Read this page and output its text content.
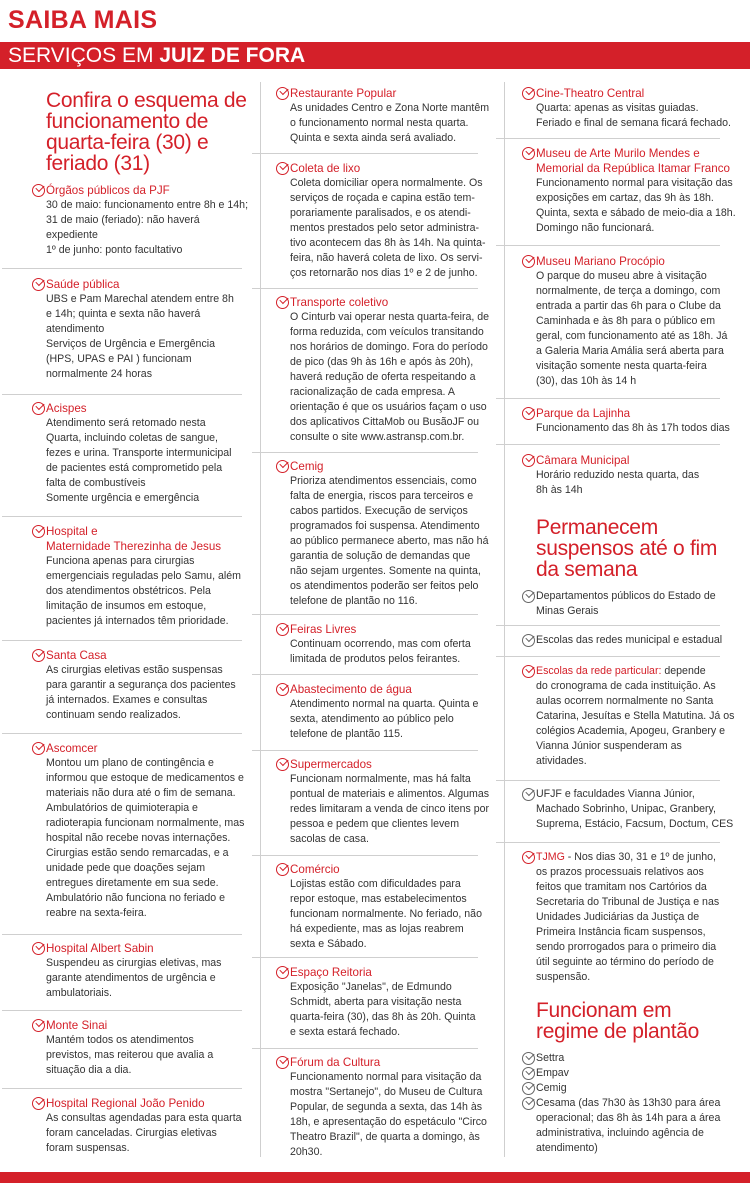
SAIBA MAIS
SERVIÇOS EM JUIZ DE FORA
Confira o esquema de funcionamento de quarta-feira (30) e feriado (31)
Órgãos públicos da PJF
30 de maio: funcionamento entre 8h e 14h;
31 de maio (feriado): não haverá
expediente
1º de junho: ponto facultativo
Saúde pública
UBS e Pam Marechal atendem entre 8h
e 14h; quinta e sexta não haverá
atendimento
Serviços de Urgência e Emergência
(HPS, UPAS e PAI ) funcionam
normalmente 24 horas
Acispes
Atendimento será retomado nesta
Quarta, incluindo coletas de sangue,
fezes e urina. Transporte intermunicipal
de pacientes está comprometido pela
falta de combustíveis
Somente urgência e emergência
Hospital e
Maternidade Therezinha de Jesus
Funciona apenas para cirurgias
emergenciais reguladas pelo Samu, além
dos atendimentos obstétricos. Pela
limitação de insumos em estoque,
pacientes já internados têm prioridade.
Santa Casa
As cirurgias eletivas estão suspensas
para garantir a segurança dos pacientes
já internados. Exames e consultas
continuam sendo realizados.
Ascomcer
Montou um plano de contingência e
informou que estoque de medicamentos e
materiais não dura até o fim de semana.
Ambulatórios de quimioterapia e
radioterapia funcionam normalmente, mas
hospital não recebe novas internações.
Cirurgias estão sendo remarcadas, e a
unidade pede que doações sejam
entregues diretamente em sua sede.
Ambulatório não funciona no feriado e
reabre na sexta-feira.
Hospital Albert Sabin
Suspendeu as cirurgias eletivas, mas
garante atendimentos de urgência e
ambulatoriais.
Monte Sinai
Mantém todos os atendimentos
previstos, mas reiterou que avalia a
situação dia a dia.
Hospital Regional João Penido
As consultas agendadas para esta quarta
foram canceladas. Cirurgias eletivas
foram suspensas.
Restaurante Popular
As unidades Centro e Zona Norte mantêm
o funcionamento normal nesta quarta.
Quinta e sexta ainda será avaliado.
Coleta de lixo
Coleta domiciliar opera normalmente. Os
serviços de roçada e capina estão tem-
porariamente paralisados, e os atendi-
mentos prestados pelo setor administra-
tivo acontecem das 8h às 14h. Na quinta-
feira, não haverá coleta de lixo. Os servi-
ços retornarão nos dias 1º e 2 de junho.
Transporte coletivo
O Cinturb vai operar nesta quarta-feira, de
forma reduzida, com veículos transitando
nos horários de domingo. Fora do período
de pico (das 9h às 16h e após às 20h),
haverá redução de oferta respeitando a
racionalização de cada empresa. A
orientação é que os usuários façam o uso
dos aplicativos CittaMob ou BusãoJF ou
consulte o site www.astransp.com.br.
Cemig
Prioriza atendimentos essenciais, como
falta de energia, riscos para terceiros e
cabos partidos. Execução de serviços
programados foi suspensa. Atendimento
ao público permanece aberto, mas não há
garantia de solução de demandas que
não sejam urgentes. Somente na quinta,
os atendimentos poderão ser feitos pelo
telefone de plantão no 116.
Feiras Livres
Continuam ocorrendo, mas com oferta
limitada de produtos pelos feirantes.
Abastecimento de água
Atendimento normal na quarta. Quinta e
sexta, atendimento ao público pelo
telefone de plantão 115.
Supermercados
Funcionam normalmente, mas há falta
pontual de materiais e alimentos. Algumas
redes limitaram a venda de cinco itens por
pessoa e pedem que clientes levem
sacolas de casa.
Comércio
Lojistas estão com dificuldades para
repor estoque, mas estabelecimentos
funcionam normalmente. No feriado, não
há expediente, mas as lojas reabrem
sexta e Sábado.
Espaço Reitoria
Exposição "Janelas", de Edmundo
Schmidt, aberta para visitação nesta
quarta-feira (30), das 8h às 20h. Quinta
e sexta estará fechado.
Fórum da Cultura
Funcionamento normal para visitação da
mostra "Sertanejo", do Museu de Cultura
Popular, de segunda a sexta, das 14h às
18h, e apresentação do espetáculo "Circo
Theatro Brazil", de quarta a domingo, às
20h30.
Cine-Theatro Central
Quarta: apenas as visitas guiadas.
Feriado e final de semana ficará fechado.
Museu de Arte Murilo Mendes e
Memorial da República Itamar Franco
Funcionamento normal para visitação das
exposições em cartaz, das 9h às 18h.
Quinta, sexta e sábado de meio-dia a 18h.
Domingo não funcionará.
Museu Mariano Procópio
O parque do museu abre à visitação
normalmente, de terça a domingo, com
entrada a partir das 6h para o Clube da
Caminhada e às 8h para o público em
geral, com funcionamento até as 18h. Já
a Galeria Maria Amália será aberta para
visitação somente nesta quarta-feira
(30), das 10h às 14 h
Parque da Lajinha
Funcionamento das 8h às 17h todos dias
Câmara Municipal
Horário reduzido nesta quarta, das
8h às 14h
Permanecem suspensos até o fim da semana
Departamentos públicos do Estado de
Minas Gerais
Escolas das redes municipal e estadual
Escolas da rede particular: depende
do cronograma de cada instituição. As
aulas ocorrem normalmente no Santa
Catarina, Jesuítas e Stella Matutina. Já os
colégios Academia, Apogeu, Granbery e
Vianna Júnior suspenderam as
atividades.
UFJF e faculdades Vianna Júnior,
Machado Sobrinho, Unipac, Granbery,
Suprema, Estácio, Facsum, Doctum, CES
TJMG - Nos dias 30, 31 e 1º de junho,
os prazos processuais relativos aos
feitos que tramitam nos Cartórios da
Secretaria do Tribunal de Justiça e nas
Unidades Judiciárias da Justiça de
Primeira Instância ficam suspensos,
sendo prorrogados para o primeiro dia
útil seguinte ao término do período de
suspensão.
Funcionam em regime de plantão
Settra
Empav
Cemig
Cesama (das 7h30 às 13h30 para área
operacional; das 8h às 14h para a área
administrativa, incluindo agência de
atendimento)
